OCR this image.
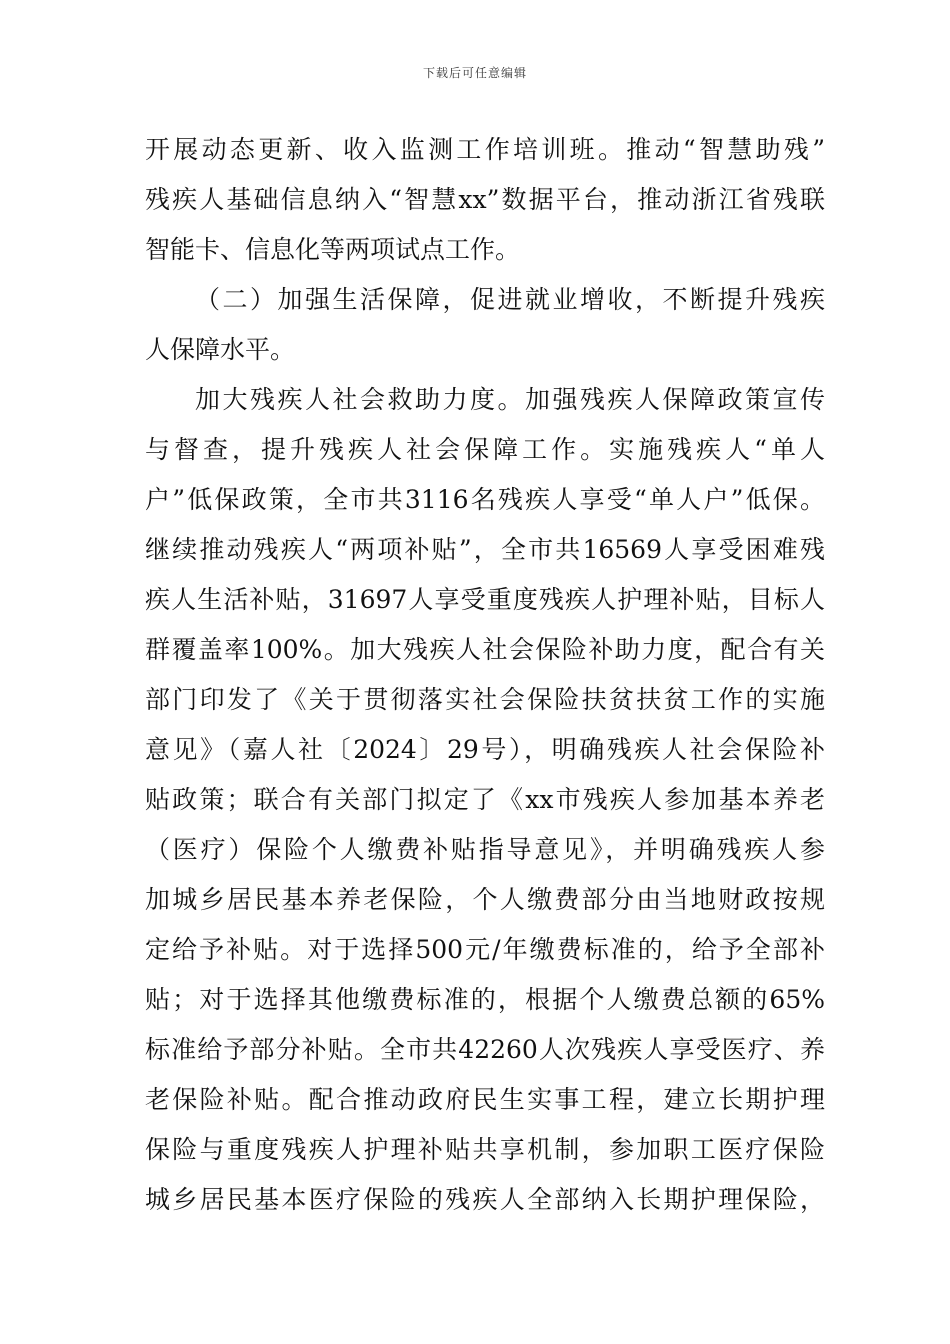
下载后可任意编辑
开展动态更新、收入监测工作培训班。推动“智慧助残”
残疾人基础信息纳入“智慧xx”数据平台，推动浙江省残联
智能卡、信息化等两项试点工作。
（二）加强生活保障，促进就业增收，不断提升残疾
人保障水平。
加大残疾人社会救助力度。加强残疾人保障政策宣传
与督查，提升残疾人社会保障工作。实施残疾人“单人
户”低保政策，全市共3116名残疾人享受“单人户”低保。
继续推动残疾人“两项补贴”，全市共16569人享受困难残
疾人生活补贴，31697人享受重度残疾人护理补贴，目标人
群覆盖率100%。加大残疾人社会保险补助力度，配合有关
部门印发了《关于贯彻落实社会保险扶贫扶贫工作的实施
意见》（嘉人社〔2024〕29号），明确残疾人社会保险补
贴政策；联合有关部门拟定了《xx市残疾人参加基本养老
（医疗）保险个人缴费补贴指导意见》，并明确残疾人参
加城乡居民基本养老保险，个人缴费部分由当地财政按规
定给予补贴。对于选择500元/年缴费标准的，给予全部补
贴；对于选择其他缴费标准的，根据个人缴费总额的65%
标准给予部分补贴。全市共42260人次残疾人享受医疗、养
老保险补贴。配合推动政府民生实事工程，建立长期护理
保险与重度残疾人护理补贴共享机制，参加职工医疗保险
城乡居民基本医疗保险的残疾人全部纳入长期护理保险，
